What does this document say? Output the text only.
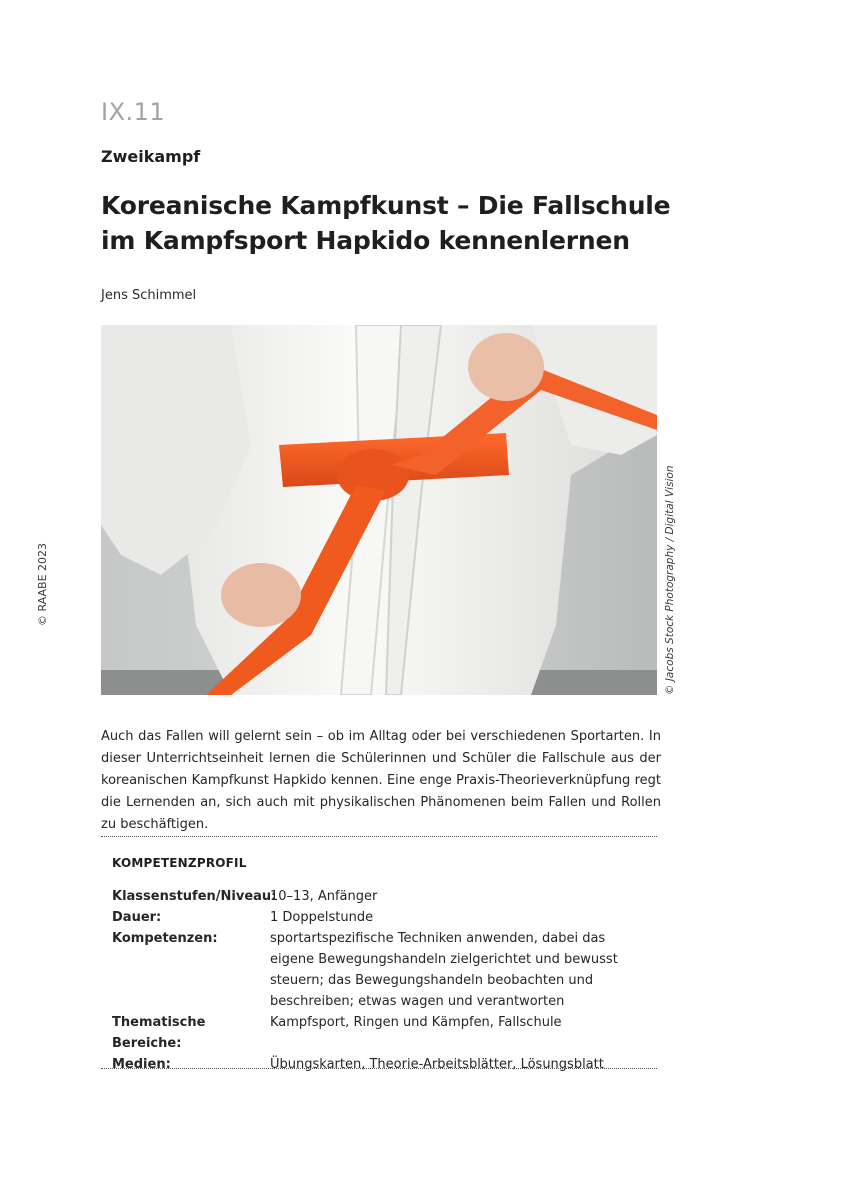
IX.11
Zweikampf
Koreanische Kampfkunst – Die Fallschule im Kampfsport Hapkido kennenlernen
Jens Schimmel
© RAABE 2023	© Jacobs Stock Photography / Digital Vision
Auch das Fallen will gelernt sein – ob im Alltag oder bei verschiedenen Sportarten. In dieser Unterrichtseinheit lernen die Schülerinnen und Schüler die Fallschule aus der koreanischen Kampfkunst Hapkido kennen. Eine enge Praxis-Theorieverknüpfung regt die Lernenden an, sich auch mit physikalischen Phänomenen beim Fallen und Rollen zu beschäftigen.
KOMPETENZPROFIL
Klassenstufen/Niveau:
10–13, Anfänger
Dauer:	1 Doppelstunde
Kompetenzen:	sportartspezifische Techniken anwenden, dabei das eigene Bewegungshandeln zielgerichtet und bewusst steuern; das Bewegungshandeln beobachten und beschreiben; etwas wagen und verantworten
Thematische Bereiche:
Kampfsport, Ringen und Kämpfen, Fallschule
Medien:	Übungskarten, Theorie-Arbeitsblätter, Lösungsblatt
